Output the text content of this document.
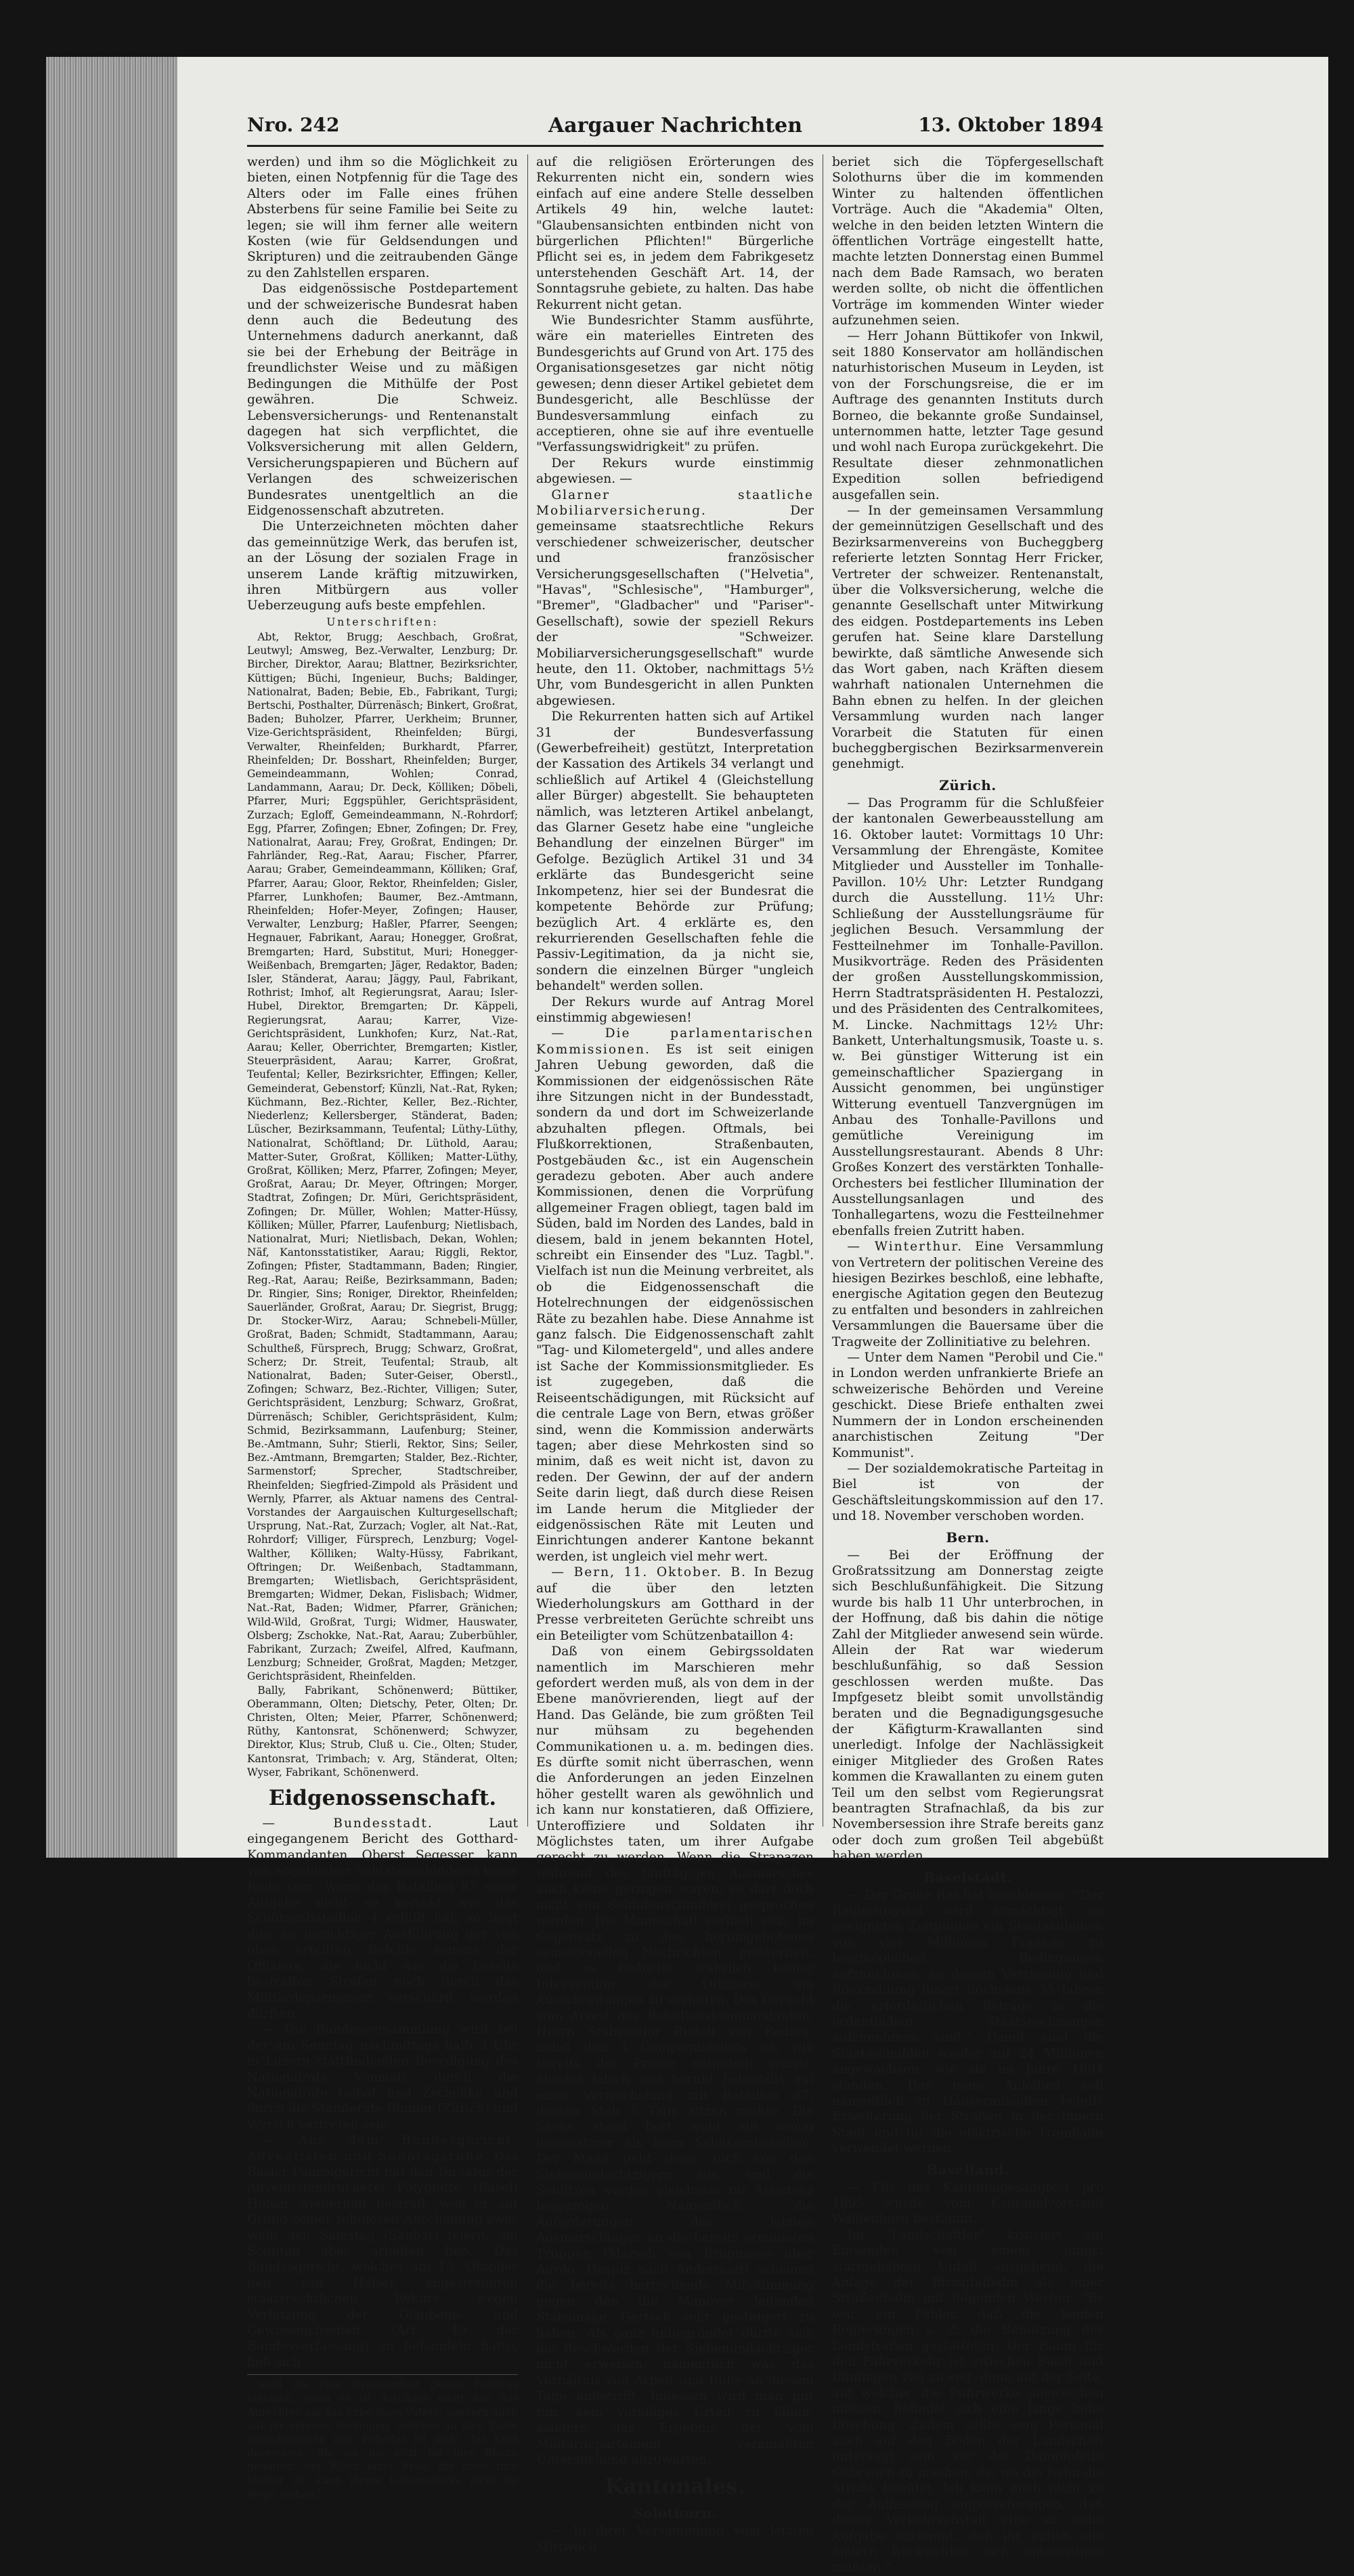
Nro. 242	Aargauer Nachrichten	13. Oktober 1894

werden) und ihm so die Möglichkeit zu bieten, einen Notpfennig für die Tage des Alters oder im Falle eines frühen Absterbens für seine Familie bei Seite zu legen; sie will ihm ferner alle weitern Kosten (wie für Geldsendungen und Skripturen) und die zeitraubenden Gänge zu den Zahlstellen ersparen.

Das eidgenössische Postdepartement und der schweizerische Bundesrat haben denn auch die Bedeutung des Unternehmens dadurch anerkannt, daß sie bei der Erhebung der Beiträge in freundlichster Weise und zu mäßigen Bedingungen die Mithülfe der Post gewähren. Die Schweiz. Lebensversicherungs- und Rentenanstalt dagegen hat sich verpflichtet, die Volksversicherung mit allen Geldern, Versicherungspapieren und Büchern auf Verlangen des schweizerischen Bundesrates unentgeltlich an die Eidgenossenschaft abzutreten.

Die Unterzeichneten möchten daher das gemeinnützige Werk, das berufen ist, an der Lösung der sozialen Frage in unserem Lande kräftig mitzuwirken, ihren Mitbürgern aus voller Ueberzeugung aufs beste empfehlen.

Unterschriften:

Abt, Rektor, Brugg; Aeschbach, Großrat, Leutwyl; Amsweg, Bez.-Verwalter, Lenzburg; Dr. Bircher, Direktor, Aarau; Blattner, Bezirksrichter, Küttigen; Büchi, Ingenieur, Buchs; Baldinger, Nationalrat, Baden; Bebie, Eb., Fabrikant, Turgi; Bertschi, Posthalter, Dürrenäsch; Binkert, Großrat, Baden; Buholzer, Pfarrer, Uerkheim; Brunner, Vize-Gerichtspräsident, Rheinfelden; Bürgi, Verwalter, Rheinfelden; Burkhardt, Pfarrer, Rheinfelden; Dr. Bosshart, Rheinfelden; Burger, Gemeindeammann, Wohlen; Conrad, Landammann, Aarau; Dr. Deck, Kölliken; Döbeli, Pfarrer, Muri; Eggspühler, Gerichtspräsident, Zurzach; Egloff, Gemeindeammann, N.-Rohrdorf; Egg, Pfarrer, Zofingen; Ebner, Zofingen; Dr. Frey, Nationalrat, Aarau; Frey, Großrat, Endingen; Dr. Fahrländer, Reg.-Rat, Aarau; Fischer, Pfarrer, Aarau; Graber, Gemeindeammann, Kölliken; Graf, Pfarrer, Aarau; Gloor, Rektor, Rheinfelden; Gisler, Pfarrer, Lunkhofen; Baumer, Bez.-Amtmann, Rheinfelden; Hofer-Meyer, Zofingen; Hauser, Verwalter, Lenzburg; Haßler, Pfarrer, Seengen; Hegnauer, Fabrikant, Aarau; Honegger, Großrat, Bremgarten; Hard, Substitut, Muri; Honegger-Weißenbach, Bremgarten; Jäger, Redaktor, Baden; Isler, Ständerat, Aarau; Jäggy, Paul, Fabrikant, Rothrist; Imhof, alt Regierungsrat, Aarau; Isler-Hubel, Direktor, Bremgarten; Dr. Käppeli, Regierungsrat, Aarau; Karrer, Vize-Gerichtspräsident, Lunkhofen; Kurz, Nat.-Rat, Aarau; Keller, Oberrichter, Bremgarten; Kistler, Steuerpräsident, Aarau; Karrer, Großrat, Teufental; Keller, Bezirksrichter, Effingen; Keller, Gemeinderat, Gebenstorf; Künzli, Nat.-Rat, Ryken; Küchmann, Bez.-Richter, Keller, Bez.-Richter, Niederlenz; Kellersberger, Ständerat, Baden; Lüscher, Bezirksammann, Teufental; Lüthy-Lüthy, Nationalrat, Schöftland; Dr. Lüthold, Aarau; Matter-Suter, Großrat, Kölliken; Matter-Lüthy, Großrat, Kölliken; Merz, Pfarrer, Zofingen; Meyer, Großrat, Aarau; Dr. Meyer, Oftringen; Morger, Stadtrat, Zofingen; Dr. Müri, Gerichtspräsident, Zofingen; Dr. Müller, Wohlen; Matter-Hüssy, Kölliken; Müller, Pfarrer, Laufenburg; Nietlisbach, Nationalrat, Muri; Nietlisbach, Dekan, Wohlen; Näf, Kantonsstatistiker, Aarau; Riggli, Rektor, Zofingen; Pfister, Stadtammann, Baden; Ringier, Reg.-Rat, Aarau; Reiße, Bezirksammann, Baden; Dr. Ringier, Sins; Roniger, Direktor, Rheinfelden; Sauerländer, Großrat, Aarau; Dr. Siegrist, Brugg; Dr. Stocker-Wirz, Aarau; Schnebeli-Müller, Großrat, Baden; Schmidt, Stadtammann, Aarau; Schultheß, Fürsprech, Brugg; Schwarz, Großrat, Scherz; Dr. Streit, Teufental; Straub, alt Nationalrat, Baden; Suter-Geiser, Oberstl., Zofingen; Schwarz, Bez.-Richter, Villigen; Suter, Gerichtspräsident, Lenzburg; Schwarz, Großrat, Dürrenäsch; Schibler, Gerichtspräsident, Kulm; Schmid, Bezirksammann, Laufenburg; Steiner, Be.-Amtmann, Suhr; Stierli, Rektor, Sins; Seiler, Bez.-Amtmann, Bremgarten; Stalder, Bez.-Richter, Sarmenstorf; Sprecher, Stadtschreiber, Rheinfelden; Siegfried-Zimpold als Präsident und Wernly, Pfarrer, als Aktuar namens des Central-Vorstandes der Aargauischen Kulturgesellschaft; Ursprung, Nat.-Rat, Zurzach; Vogler, alt Nat.-Rat, Rohrdorf; Villiger, Fürsprech, Lenzburg; Vogel-Walther, Kölliken; Walty-Hüssy, Fabrikant, Oftringen; Dr. Weißenbach, Stadtammann, Bremgarten; Wietlisbach, Gerichtspräsident, Bremgarten; Widmer, Dekan, Fislisbach; Widmer, Nat.-Rat, Baden; Widmer, Pfarrer, Gränichen; Wild-Wild, Großrat, Turgi; Widmer, Hauswater, Olsberg; Zschokke, Nat.-Rat, Aarau; Zuberbühler, Fabrikant, Zurzach; Zweifel, Alfred, Kaufmann, Lenzburg; Schneider, Großrat, Magden; Metzger, Gerichtspräsident, Rheinfelden.

Bally, Fabrikant, Schönenwerd; Büttiker, Oberammann, Olten; Dietschy, Peter, Olten; Dr. Christen, Olten; Meier, Pfarrer, Schönenwerd; Rüthy, Kantonsrat, Schönenwerd; Schwyzer, Direktor, Klus; Strub, Cluß u. Cie., Olten; Studer, Kantonsrat, Trimbach; v. Arg, Ständerat, Olten; Wyser, Fabrikant, Schönenwerd.

Eidgenossenschaft.

— Bundesstadt. Laut eingegangenem Bericht des Gotthard-Kommandanten, Oberst Segesser, kann von angeblicher Soldatenschinderei keine Rede sein. Wenn das Bataillon 87 seine Aufgabe nicht so korrekt wie das Schützenbataillon 4 erfüllt hat, so liegt dies an unrichtiger Ausführung der von oben erteilten Befehle seitens der Offiziere, die nicht wie die bereits bestraften Strafen noch durch das Militärdepartement verschärft werden dürften.

— Die Bundesversammlung wird bei der am Sonntag nachmittags halb 3 Uhr in Luzern stattfindenden Beerdigung des Nationalrats Vonmatt durch die Nationalräte Gobat und Zschokke und durch die Ständeräte Blumer (Zürich) und Wyrsch vertreten sein.

— Aus dem Bundesgericht. Adventisten und Sonntagsruhe. Das Basler Polizeigericht hat den Direktor der Adventistendruckerei Polyglotte (Basel) Holser wiederholt bestraft, weil er auf Grund seiner religiösen Anschauung zwar wohl den Samstag (Sabbat) feiern, am Sonntag aber arbeiten ließ. Das Bundesgericht, welches am 10. Oktober den von Holser angestrengten staatsrechtlichen Rekurs wegen Verletzung der Glaubens- und Gewissensfreiheit (Art. 49 der Bundesverfassung) zu behandeln hatte, ließ sich

wohl als eine Grausamkeit gegen Felicitas erschien, denn es ist durchaus nicht nur des Anrechtes auf das Erbe ihres Vaters, sondern auch auf ihr eigenes Vermögen, welches an ihre Tante zurückgefallen war. Felicitas ist nicht das Kind derjenigen, die sie bis jetzt für ihre Eltern gehalten; der Fluch einer Frau, die nicht ihre Mutter ist, kann ihrem Lebensglücke nicht im Wege stehen."

auf die religiösen Erörterungen des Rekurrenten nicht ein, sondern wies einfach auf eine andere Stelle desselben Artikels 49 hin, welche lautet: "Glaubensansichten entbinden nicht von bürgerlichen Pflichten!" Bürgerliche Pflicht sei es, in jedem dem Fabrikgesetz unterstehenden Geschäft Art. 14, der Sonntagsruhe gebiete, zu halten. Das habe Rekurrent nicht getan.

Wie Bundesrichter Stamm ausführte, wäre ein materielles Eintreten des Bundesgerichts auf Grund von Art. 175 des Organisationsgesetzes gar nicht nötig gewesen; denn dieser Artikel gebietet dem Bundesgericht, alle Beschlüsse der Bundesversammlung einfach zu acceptieren, ohne sie auf ihre eventuelle "Verfassungswidrigkeit" zu prüfen.

Der Rekurs wurde einstimmig abgewiesen. —

Glarner staatliche Mobiliarversicherung. Der gemeinsame staatsrechtliche Rekurs verschiedener schweizerischer, deutscher und französischer Versicherungsgesellschaften ("Helvetia", "Havas", "Schlesische", "Hamburger", "Bremer", "Gladbacher" und "Pariser"-Gesellschaft), sowie der speziell Rekurs der "Schweizer. Mobiliarversicherungsgesellschaft" wurde heute, den 11. Oktober, nachmittags 5½ Uhr, vom Bundesgericht in allen Punkten abgewiesen.

Die Rekurrenten hatten sich auf Artikel 31 der Bundesverfassung (Gewerbefreiheit) gestützt, Interpretation der Kassation des Artikels 34 verlangt und schließlich auf Artikel 4 (Gleichstellung aller Bürger) abgestellt. Sie behaupteten nämlich, was letzteren Artikel anbelangt, das Glarner Gesetz habe eine "ungleiche Behandlung der einzelnen Bürger" im Gefolge. Bezüglich Artikel 31 und 34 erklärte das Bundesgericht seine Inkompetenz, hier sei der Bundesrat die kompetente Behörde zur Prüfung; bezüglich Art. 4 erklärte es, den rekurrierenden Gesellschaften fehle die Passiv-Legitimation, da ja nicht sie, sondern die einzelnen Bürger "ungleich behandelt" werden sollen.

Der Rekurs wurde auf Antrag Morel einstimmig abgewiesen!

— Die parlamentarischen Kommissionen. Es ist seit einigen Jahren Uebung geworden, daß die Kommissionen der eidgenössischen Räte ihre Sitzungen nicht in der Bundesstadt, sondern da und dort im Schweizerlande abzuhalten pflegen. Oftmals, bei Flußkorrektionen, Straßenbauten, Postgebäuden &c., ist ein Augenschein geradezu geboten. Aber auch andere Kommissionen, denen die Vorprüfung allgemeiner Fragen obliegt, tagen bald im Süden, bald im Norden des Landes, bald in diesem, bald in jenem bekannten Hotel, schreibt ein Einsender des "Luz. Tagbl.". Vielfach ist nun die Meinung verbreitet, als ob die Eidgenossenschaft die Hotelrechnungen der eidgenössischen Räte zu bezahlen habe. Diese Annahme ist ganz falsch. Die Eidgenossenschaft zahlt "Tag- und Kilometergeld", und alles andere ist Sache der Kommissionsmitglieder. Es ist zugegeben, daß die Reiseentschädigungen, mit Rücksicht auf die centrale Lage von Bern, etwas größer sind, wenn die Kommission anderwärts tagen; aber diese Mehrkosten sind so minim, daß es weit nicht ist, davon zu reden. Der Gewinn, der auf der andern Seite darin liegt, daß durch diese Reisen im Lande herum die Mitglieder der eidgenössischen Räte mit Leuten und Einrichtungen anderer Kantone bekannt werden, ist ungleich viel mehr wert.

— Bern, 11. Oktober. B. In Bezug auf die über den letzten Wiederholungskurs am Gotthard in der Presse verbreiteten Gerüchte schreibt uns ein Beteiligter vom Schützenbataillon 4:

Daß von einem Gebirgssoldaten namentlich im Marschieren mehr gefordert werden muß, als von dem in der Ebene manövrierenden, liegt auf der Hand. Das Gelände, bie zum größten Teil nur mühsam zu begehenden Communikationen u. a. m. bedingen dies. Es dürfte somit nicht überraschen, wenn die Anforderungen an jeden Einzelnen höher gestellt waren als gewöhnlich und ich kann nur konstatieren, daß Offiziere, Unteroffiziere und Soldaten ihr Möglichstes taten, um ihrer Aufgabe gerecht zu werden. Wenn die Strapazen während des fünftägigen Ausmarsches auch keine geringen waren, so darf doch nicht von Soldatenschinderei gesprochen werden. Die Mannschaft verhielt sich, im Gegensatz zu den herumgebotenen sensationellen Nachrichten, musterhaft, und es bedurfte wahrlich keiner Intervention der Offiziere, um Ausschreitungen zu verhüten. Das Gerücht vom Arrest des Bataillonskommandanten, Herrn Stabsmajor Rudolf von Reding, nebst den 4 Compagniechefs ist, wie bereits der Presse mitgeteilt wurde, absolut falsch und beruht jedenfalls auf einer Verwechslung mit Bataillon 87, dessen Stab 5 Tage sitzen mußte. Die Sache stand bort wohl ein wenig ungünstiger als beim Schützenbataillon. Der Mann geht denn auch von den Siebenundachtzigern aus, und die Schützen werden gleichsam zur Assistenz beigezogen. Namentlich die Anforderungen des letzten Ausmarschtages an die bereits ermüdeten Truppen (Marsch von Brugnasco über Airolo, Hospiz nach Andermatt) scheinen die bereits herrschende Mißstimmung gegen den die Manöver leitenden Stabsmajor Gertsch sehr gesteigert zu haben. Als ganz unbegründet dürfte sich die Beschwerden der Siebenundachtziger nicht erweisen, namentlich was das Verhältnis von Arbeit und Ruhe an diesem Tage anbetrifft. Indessen wird man gut tun, kein voreiliges Urteil zu fällen, sondern das Ergebnis der vom Militärdepartement veranlaßten Untersuchung abzuwarten.

Kantonales.
Solothurn.

— In ihrer Versammlung vom letzten Mittwoch

beriet sich die Töpfergesellschaft Solothurns über die im kommenden Winter zu haltenden öffentlichen Vorträge. Auch die "Akademia" Olten, welche in den beiden letzten Wintern die öffentlichen Vorträge eingestellt hatte, machte letzten Donnerstag einen Bummel nach dem Bade Ramsach, wo beraten werden sollte, ob nicht die öffentlichen Vorträge im kommenden Winter wieder aufzunehmen seien.

— Herr Johann Büttikofer von Inkwil, seit 1880 Konservator am holländischen naturhistorischen Museum in Leyden, ist von der Forschungsreise, die er im Auftrage des genannten Instituts durch Borneo, die bekannte große Sundainsel, unternommen hatte, letzter Tage gesund und wohl nach Europa zurückgekehrt. Die Resultate dieser zehnmonatlichen Expedition sollen befriedigend ausgefallen sein.

— In der gemeinsamen Versammlung der gemeinnützigen Gesellschaft und des Bezirksarmenvereins von Bucheggberg referierte letzten Sonntag Herr Fricker, Vertreter der schweizer. Rentenanstalt, über die Volksversicherung, welche die genannte Gesellschaft unter Mitwirkung des eidgen. Postdepartements ins Leben gerufen hat. Seine klare Darstellung bewirkte, daß sämtliche Anwesende sich das Wort gaben, nach Kräften diesem wahrhaft nationalen Unternehmen die Bahn ebnen zu helfen. In der gleichen Versammlung wurden nach langer Vorarbeit die Statuten für einen bucheggbergischen Bezirksarmenverein genehmigt.

Zürich.

— Das Programm für die Schlußfeier der kantonalen Gewerbeausstellung am 16. Oktober lautet: Vormittags 10 Uhr: Versammlung der Ehrengäste, Komitee Mitglieder und Aussteller im Tonhalle-Pavillon. 10½ Uhr: Letzter Rundgang durch die Ausstellung. 11½ Uhr: Schließung der Ausstellungsräume für jeglichen Besuch. Versammlung der Festteilnehmer im Tonhalle-Pavillon. Musikvorträge. Reden des Präsidenten der großen Ausstellungskommission, Herrn Stadtratspräsidenten H. Pestalozzi, und des Präsidenten des Centralkomitees, M. Lincke. Nachmittags 12½ Uhr: Bankett, Unterhaltungsmusik, Toaste u. s. w. Bei günstiger Witterung ist ein gemeinschaftlicher Spaziergang in Aussicht genommen, bei ungünstiger Witterung eventuell Tanzvergnügen im Anbau des Tonhalle-Pavillons und gemütliche Vereinigung im Ausstellungsrestaurant. Abends 8 Uhr: Großes Konzert des verstärkten Tonhalle-Orchesters bei festlicher Illumination der Ausstellungsanlagen und des Tonhallegartens, wozu die Festteilnehmer ebenfalls freien Zutritt haben.

— Winterthur. Eine Versammlung von Vertretern der politischen Vereine des hiesigen Bezirkes beschloß, eine lebhafte, energische Agitation gegen den Beutezug zu entfalten und besonders in zahlreichen Versammlungen die Bauersame über die Tragweite der Zollinitiative zu belehren.

— Unter dem Namen "Perobil und Cie." in London werden unfrankierte Briefe an schweizerische Behörden und Vereine geschickt. Diese Briefe enthalten zwei Nummern der in London erscheinenden anarchistischen Zeitung "Der Kommunist".

— Der sozialdemokratische Parteitag in Biel ist von der Geschäftsleitungskommission auf den 17. und 18. November verschoben worden.

Bern.

— Bei der Eröffnung der Großratssitzung am Donnerstag zeigte sich Beschlußunfähigkeit. Die Sitzung wurde bis halb 11 Uhr unterbrochen, in der Hoffnung, daß bis dahin die nötige Zahl der Mitglieder anwesend sein würde. Allein der Rat war wiederum beschlußunfähig, so daß Session geschlossen werden mußte. Das Impfgesetz bleibt somit unvollständig beraten und die Begnadigungsgesuche der Käfigturm-Krawallanten sind unerledigt. Infolge der Nachlässigkeit einiger Mitglieder des Großen Rates kommen die Krawallanten zu einem guten Teil um den selbst vom Regierungsrat beantragten Strafnachlaß, da bis zur Novembersession ihre Strafe bereits ganz oder doch zum großen Teil abgebüßt haben werden.

Baselstadt.

— Der Große Rat hat beschlossen: "Der Regierungsrat wird ermächtigt, im geeigneten Zeitpunkte ein Staatsanleihen von vier Millionen Franken zu bestmöglichen Bedingungen aufzunehmen, zu dessen Verzinsung und Rückzahlung innert höchstens 35 Jahren die erforderlichen Beträge in die ordentlichen Staatsrechnungen aufzunehmen sind." Damit sind die Staatsschulden wieder auf 24 Millionen angewachsen, wie sie im Jahre 1884 standen. Das neue Anleihen soll namentlich zu Häuserankäufen behufs Erweiterung der Straßen in der innern Stadt und für die elektrische Trambahn verwendet werden.

Baselland.

— Für das Kantonalgesangfest pro 1895 wurde vom Kantonalvorstand Waldenburg bestimmt.

Im "Landschäftler" kritisiert ein Einsender, von einem jüngst stattgehabten Unfall ausgehend, die Anlage der Birsigtalbahn als einer Straßenbahn mit folgenden Worten: "Es war ein Fehler, daß die beiden Regierungen s. Z. die Benützung der Landstraßen gestatteten. Der Raum für den Fahrverkehr ist zwischen Basel und Binningen viel zu eng, denn auf der Seite, auf welcher die Fuhrwerke ausweichen müssen, befindet sich eine lange hohe Böschung. Zudem sollte vom Personal auch auf den Boden der Landschaft untersagt sein, vor der Dampfpfeife Gebrauch zu machen, da, wo die Bahn die Straße benützt. Ich kann mich nicht zu der Auffassung emporschwingen, daß dieser Verkehrsanstalt eine so hohe Aufgabe zukommt, daß ihr zulieb alle andern Rücksichten sich unterordnen müßten."
